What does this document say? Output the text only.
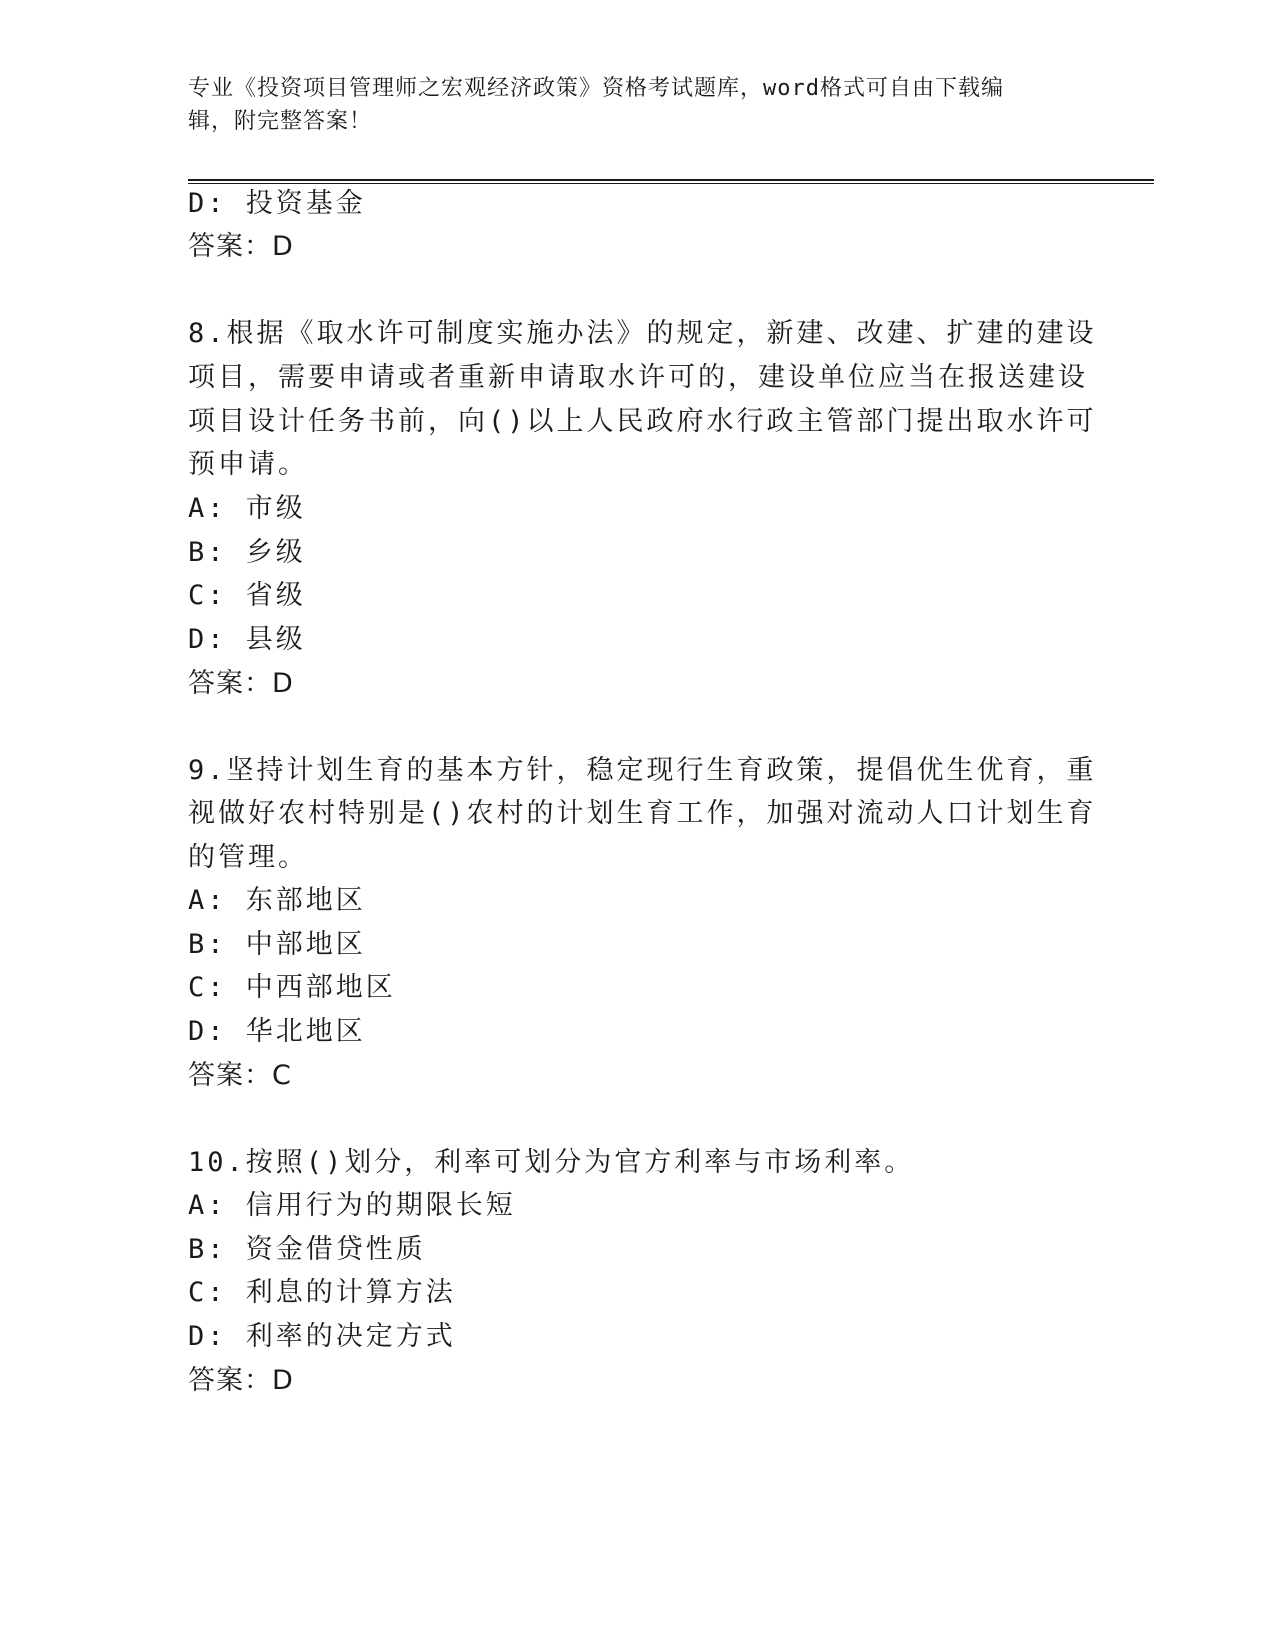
专业《投资项目管理师之宏观经济政策》资格考试题库，word格式可自由下载编
辑，附完整答案！
D: 投资基金
答案：D
8.根据《取水许可制度实施办法》的规定，新建、改建、扩建的建设
项目，需要申请或者重新申请取水许可的，建设单位应当在报送建设
项目设计任务书前，向()以上人民政府水行政主管部门提出取水许可
预申请。
A: 市级
B: 乡级
C: 省级
D: 县级
答案：D
9.坚持计划生育的基本方针，稳定现行生育政策，提倡优生优育，重
视做好农村特别是()农村的计划生育工作，加强对流动人口计划生育
的管理。
A: 东部地区
B: 中部地区
C: 中西部地区
D: 华北地区
答案：C
10.按照()划分，利率可划分为官方利率与市场利率。
A: 信用行为的期限长短
B: 资金借贷性质
C: 利息的计算方法
D: 利率的决定方式
答案：D
